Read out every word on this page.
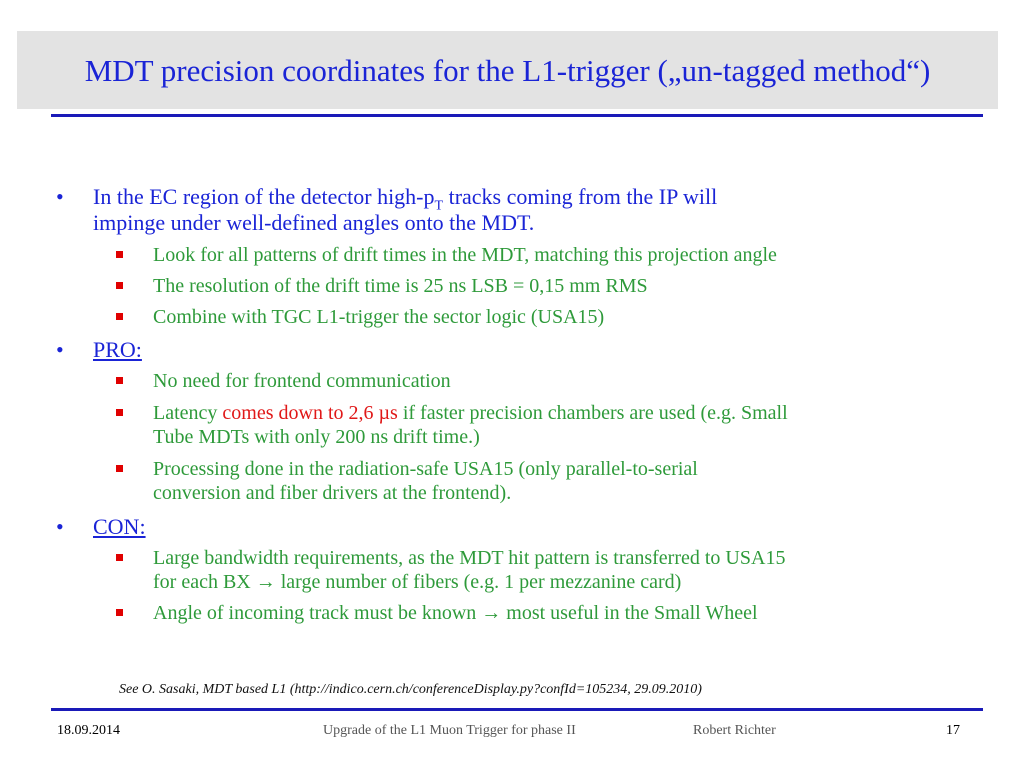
MDT precision coordinates for the L1-trigger („un-tagged method“)
• In the EC region of the detector high-$p_T$ tracks coming from the IP will
impinge under well-defined angles onto the MDT.
Look for all patterns of drift times in the MDT, matching this projection angle
The resolution of the drift time is 25 ns LSB = 0,15 mm RMS
Combine with TGC L1-trigger the sector logic (USA15)
• PRO:
No need for frontend communication
Latency comes down to 2,6 µs if faster precision chambers are used (e.g. Small
Tube MDTs with only 200 ns drift time.)
Processing done in the radiation-safe USA15 (only parallel-to-serial
conversion and fiber drivers at the frontend).
• CON:
Large bandwidth requirements, as the MDT hit pattern is transferred to USA15
for each BX → large number of fibers (e.g. 1 per mezzanine card)
Angle of incoming track must be known → most useful in the Small Wheel
See O. Sasaki, MDT based L1 (http://indico.cern.ch/conferenceDisplay.py?confId=105234, 29.09.2010)
18.09.2014	Upgrade of the L1 Muon Trigger for phase II	Robert Richter	17
